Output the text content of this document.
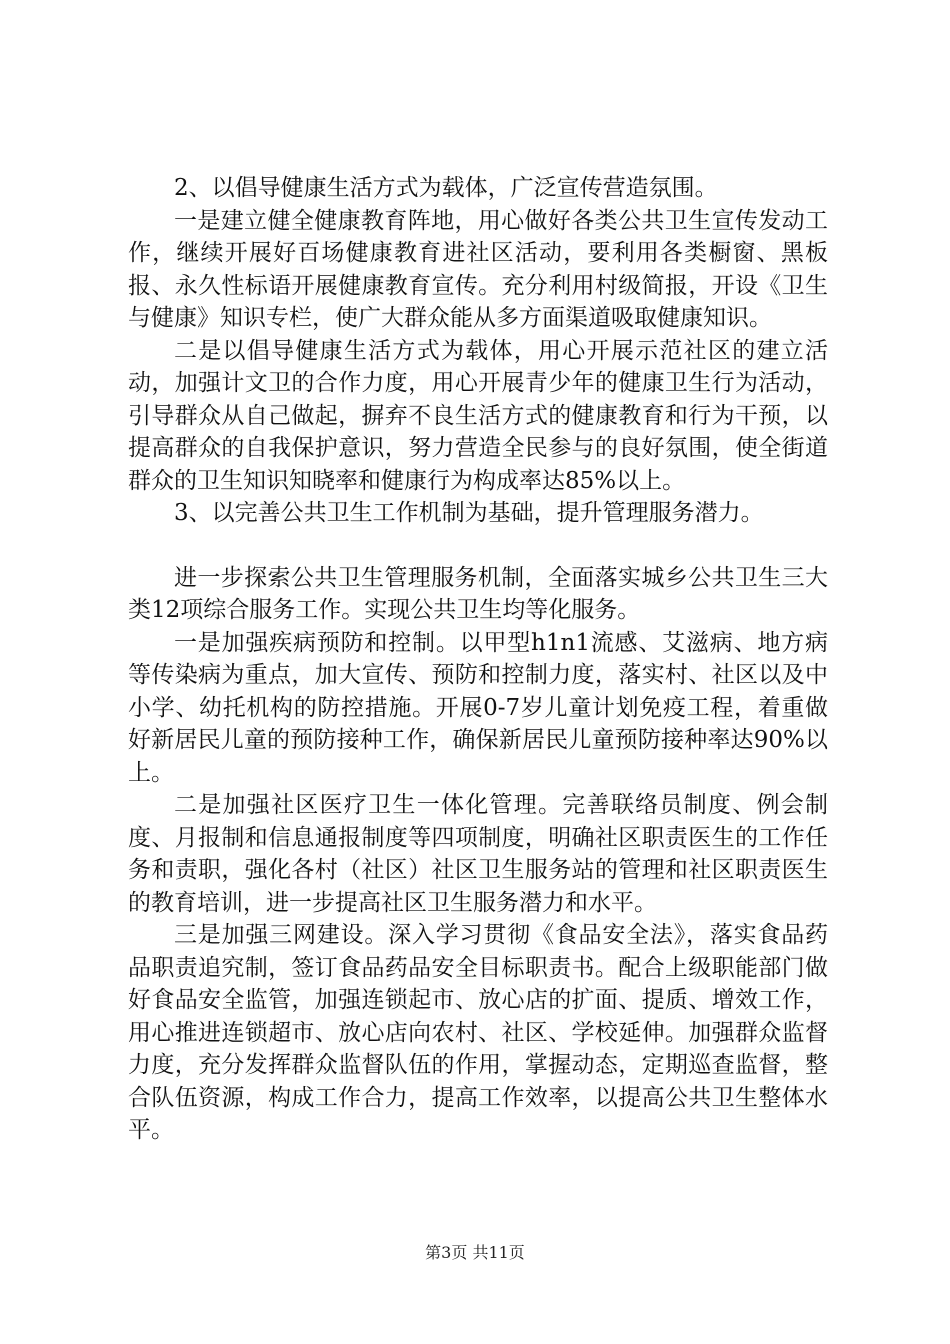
2、以倡导健康生活方式为载体，广泛宣传营造氛围。

一是建立健全健康教育阵地，用心做好各类公共卫生宣传发动工作，继续开展好百场健康教育进社区活动，要利用各类橱窗、黑板报、永久性标语开展健康教育宣传。充分利用村级简报，开设《卫生与健康》知识专栏，使广大群众能从多方面渠道吸取健康知识。

二是以倡导健康生活方式为载体，用心开展示范社区的建立活动，加强计文卫的合作力度，用心开展青少年的健康卫生行为活动，引导群众从自己做起，摒弃不良生活方式的健康教育和行为干预，以提高群众的自我保护意识，努力营造全民参与的良好氛围，使全街道群众的卫生知识知晓率和健康行为构成率达85%以上。

3、以完善公共卫生工作机制为基础，提升管理服务潜力。

进一步探索公共卫生管理服务机制，全面落实城乡公共卫生三大类12项综合服务工作。实现公共卫生均等化服务。

一是加强疾病预防和控制。以甲型h1n1流感、艾滋病、地方病等传染病为重点，加大宣传、预防和控制力度，落实村、社区以及中小学、幼托机构的防控措施。开展0-7岁儿童计划免疫工程，着重做好新居民儿童的预防接种工作，确保新居民儿童预防接种率达90%以上。

二是加强社区医疗卫生一体化管理。完善联络员制度、例会制度、月报制和信息通报制度等四项制度，明确社区职责医生的工作任务和责职，强化各村（社区）社区卫生服务站的管理和社区职责医生的教育培训，进一步提高社区卫生服务潜力和水平。

三是加强三网建设。深入学习贯彻《食品安全法》，落实食品药品职责追究制，签订食品药品安全目标职责书。配合上级职能部门做好食品安全监管，加强连锁起市、放心店的扩面、提质、增效工作，用心推进连锁超市、放心店向农村、社区、学校延伸。加强群众监督力度，充分发挥群众监督队伍的作用，掌握动态，定期巡查监督，整合队伍资源，构成工作合力，提高工作效率，以提高公共卫生整体水平。

第3页 共11页
